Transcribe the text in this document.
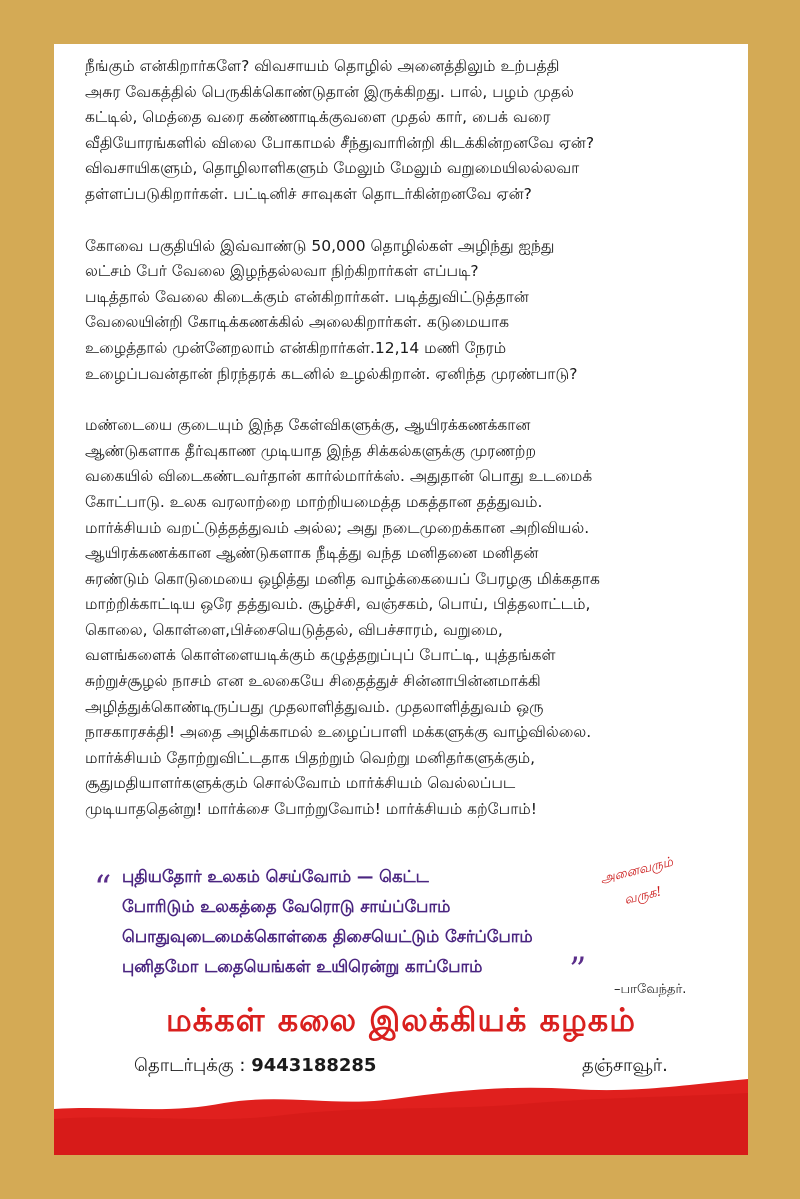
நீங்கும் என்கிறார்களே? விவசாயம் தொழில் அனைத்திலும் உற்பத்தி
அசுர வேகத்தில் பெருகிக்கொண்டுதான் இருக்கிறது. பால், பழம் முதல்
கட்டில், மெத்தை வரை கண்ணாடிக்குவளை முதல் கார், பைக் வரை
வீதியோரங்களில் விலை போகாமல் சீந்துவாரின்றி கிடக்கின்றனவே ஏன்?
விவசாயிகளும், தொழிலாளிகளும் மேலும் மேலும் வறுமையிலல்லவா
தள்ளப்படுகிறார்கள். பட்டினிச் சாவுகள் தொடர்கின்றனவே ஏன்?

கோவை பகுதியில் இவ்வாண்டு 50,000 தொழில்கள் அழிந்து ஐந்து
லட்சம் பேர் வேலை இழந்தல்லவா நிற்கிறார்கள் எப்படி?
படித்தால் வேலை கிடைக்கும் என்கிறார்கள். படித்துவிட்டுத்தான்
வேலையின்றி கோடிக்கணக்கில் அலைகிறார்கள். கடுமையாக
உழைத்தால் முன்னேறலாம் என்கிறார்கள்.12,14 மணி நேரம்
உழைப்பவன்தான் நிரந்தரக் கடனில் உழல்கிறான். ஏனிந்த முரண்பாடு?

மண்டையை குடையும் இந்த கேள்விகளுக்கு, ஆயிரக்கணக்கான
ஆண்டுகளாக தீர்வுகாண முடியாத இந்த சிக்கல்களுக்கு முரணற்ற
வகையில் விடைகண்டவர்தான் கார்ல்மார்க்ஸ். அதுதான் பொது உடமைக்
கோட்பாடு. உலக வரலாற்றை மாற்றியமைத்த மகத்தான தத்துவம்.
மார்க்சியம் வறட்டுத்தத்துவம் அல்ல; அது நடைமுறைக்கான அறிவியல்.
ஆயிரக்கணக்கான ஆண்டுகளாக நீடித்து வந்த மனிதனை மனிதன்
சுரண்டும் கொடுமையை ஒழித்து மனித வாழ்க்கையைப் பேரழகு மிக்கதாக
மாற்றிக்காட்டிய ஒரே தத்துவம். சூழ்ச்சி, வஞ்சகம், பொய், பித்தலாட்டம்,
கொலை, கொள்ளை,பிச்சையெடுத்தல், விபச்சாரம், வறுமை,
வளங்களைக் கொள்ளையடிக்கும் கழுத்தறுப்புப் போட்டி, யுத்தங்கள்
சுற்றுச்சூழல் நாசம் என உலகையே சிதைத்துச் சின்னாபின்னமாக்கி
அழித்துக்கொண்டிருப்பது முதலாளித்துவம். முதலாளித்துவம் ஒரு
நாசகாரசக்தி! அதை அழிக்காமல் உழைப்பாளி மக்களுக்கு வாழ்வில்லை.
மார்க்சியம் தோற்றுவிட்டதாக பிதற்றும் வெற்று மனிதர்களுக்கும்,
சூதுமதியாளர்களுக்கும் சொல்வோம் மார்க்சியம் வெல்லப்பட
முடியாததென்று! மார்க்சை போற்றுவோம்! மார்க்சியம் கற்போம்!

“ புதியதோர் உலகம் செய்வோம் — கெட்ட
போரிடும் உலகத்தை வேரொடு சாய்ப்போம்
பொதுவுடைமைக்கொள்கை திசையெட்டும் சேர்ப்போம்
புனிதமோ டதையெங்கள் உயிரென்று காப்போம்	” –பாவேந்தர்.
அனைவரும்
வருக!
மக்கள் கலை இலக்கியக் கழகம்
தொடர்புக்கு : 9443188285	தஞ்சாவூர்.
